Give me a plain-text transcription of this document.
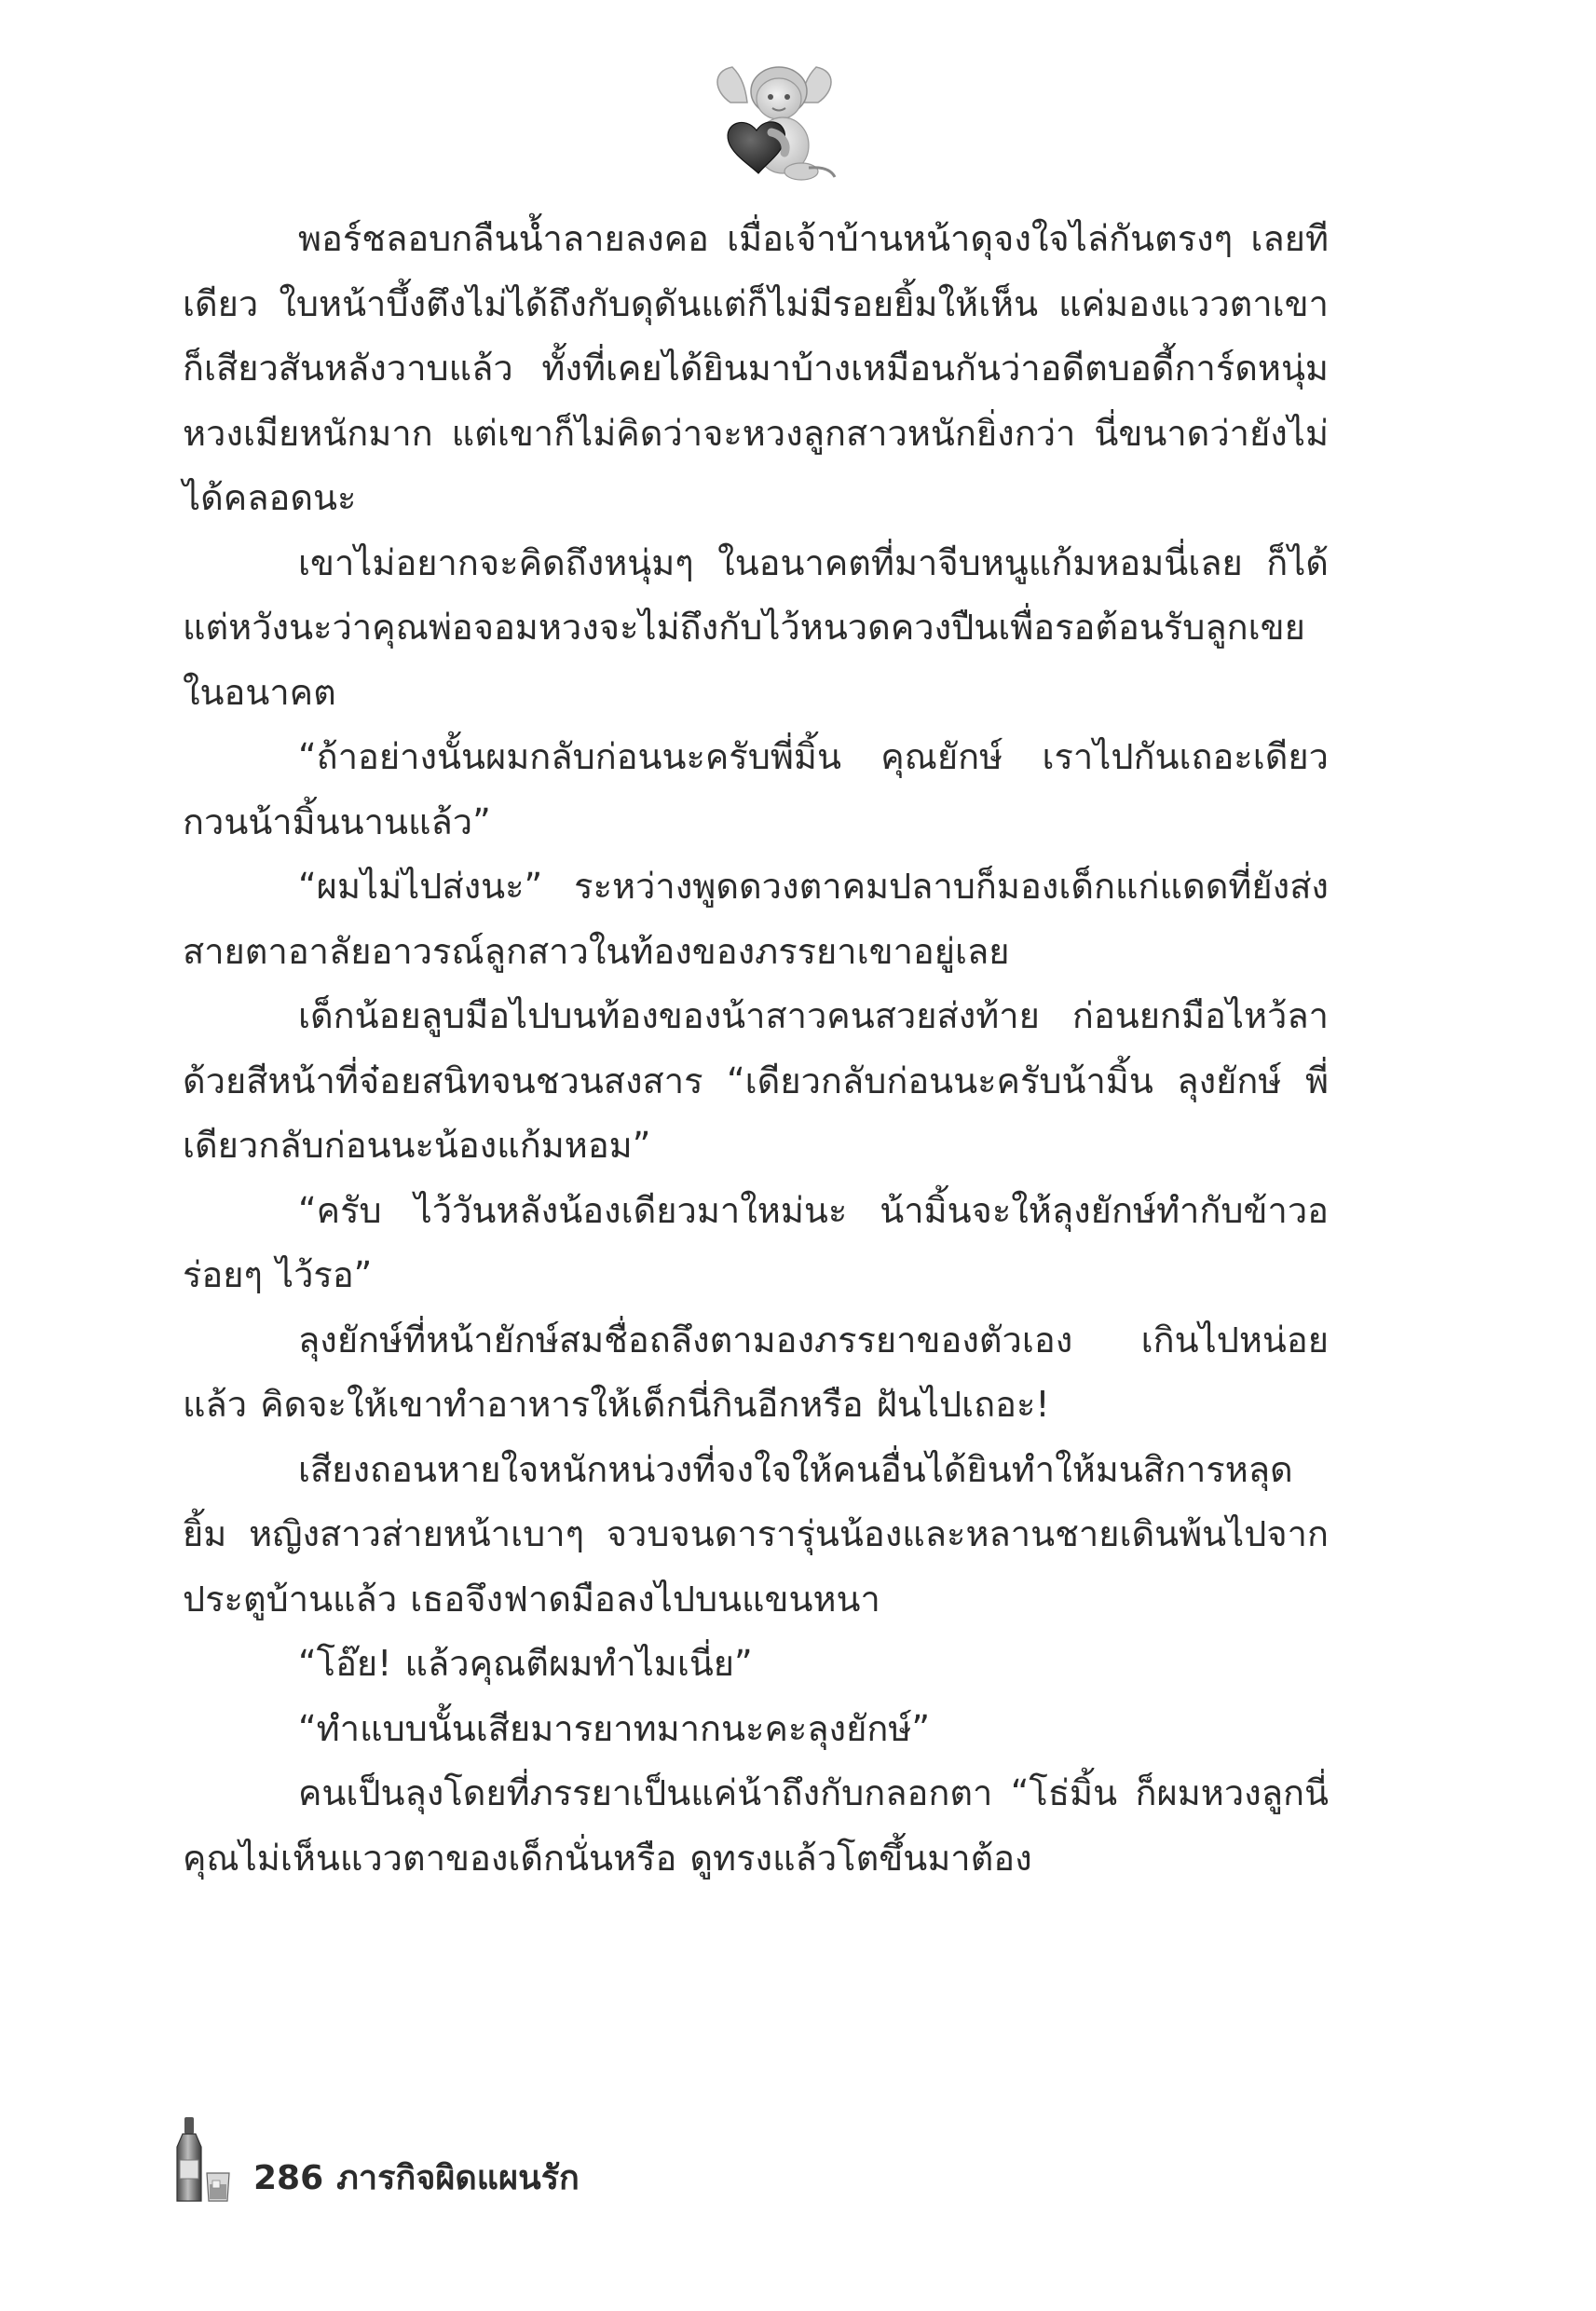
พอร์ชลอบกลืนน้ำลายลงคอ เมื่อเจ้าบ้านหน้าดุจงใจไล่กันตรงๆ เลยทีเดียว ใบหน้าบึ้งตึงไม่ได้ถึงกับดุดันแต่ก็ไม่มีรอยยิ้มให้เห็น แค่มองแววตาเขาก็เสียวสันหลังวาบแล้ว ทั้งที่เคยได้ยินมาบ้างเหมือนกันว่าอดีตบอดี้การ์ดหนุ่มหวงเมียหนักมาก แต่เขาก็ไม่คิดว่าจะหวงลูกสาวหนักยิ่งกว่า นี่ขนาดว่ายังไม่ได้คลอดนะ

เขาไม่อยากจะคิดถึงหนุ่มๆ ในอนาคตที่มาจีบหนูแก้มหอมนี่เลย ก็ได้แต่หวังนะว่าคุณพ่อจอมหวงจะไม่ถึงกับไว้หนวดควงปืนเพื่อรอต้อนรับลูกเขยในอนาคต

“ถ้าอย่างนั้นผมกลับก่อนนะครับพี่มิ้น คุณยักษ์ เราไปกันเถอะเดียว กวนน้ามิ้นนานแล้ว”

“ผมไม่ไปส่งนะ” ระหว่างพูดดวงตาคมปลาบก็มองเด็กแก่แดดที่ยังส่งสายตาอาลัยอาวรณ์ลูกสาวในท้องของภรรยาเขาอยู่เลย

เด็กน้อยลูบมือไปบนท้องของน้าสาวคนสวยส่งท้าย ก่อนยกมือไหว้ลาด้วยสีหน้าที่จ๋อยสนิทจนชวนสงสาร “เดียวกลับก่อนนะครับน้ามิ้น ลุงยักษ์ พี่เดียวกลับก่อนนะน้องแก้มหอม”

“ครับ ไว้วันหลังน้องเดียวมาใหม่นะ น้ามิ้นจะให้ลุงยักษ์ทำกับข้าวอร่อยๆ ไว้รอ”

ลุงยักษ์ที่หน้ายักษ์สมชื่อถลึงตามองภรรยาของตัวเอง เกินไปหน่อยแล้ว คิดจะให้เขาทำอาหารให้เด็กนี่กินอีกหรือ ฝันไปเถอะ!

เสียงถอนหายใจหนักหน่วงที่จงใจให้คนอื่นได้ยินทำให้มนสิการหลุดยิ้ม หญิงสาวส่ายหน้าเบาๆ จวบจนดารารุ่นน้องและหลานชายเดินพ้นไปจากประตูบ้านแล้ว เธอจึงฟาดมือลงไปบนแขนหนา

“โอ๊ย! แล้วคุณตีผมทำไมเนี่ย”

“ทำแบบนั้นเสียมารยาทมากนะคะลุงยักษ์”

คนเป็นลุงโดยที่ภรรยาเป็นแค่น้าถึงกับกลอกตา “โธ่มิ้น ก็ผมหวงลูกนี่ คุณไม่เห็นแววตาของเด็กนั่นหรือ ดูทรงแล้วโตขึ้นมาต้อง

286 ภารกิจผิดแผนรัก
